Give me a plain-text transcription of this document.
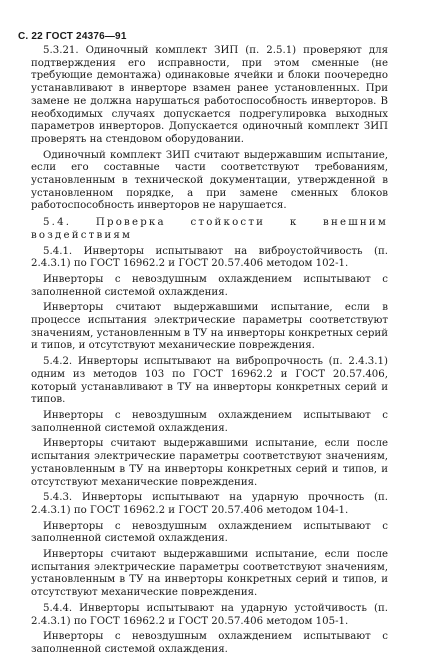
С. 22 ГОСТ 24376—91

5.3.21. Одиночный комплект ЗИП (п. 2.5.1) проверяют для подтверждения его исправности, при этом сменные (не требующие демонтажа) одинаковые ячейки и блоки поочередно устанавливают в инверторе взамен ранее установленных. При замене не должна нарушаться работоспособность инверторов. В необходимых случаях допускается подрегулировка выходных параметров инверторов. Допускается одиночный комплект ЗИП проверять на стендовом оборудовании.

Одиночный комплект ЗИП считают выдержавшим испытание, если его составные части соответствуют требованиям, установленным в технической документации, утвержденной в установленном порядке, а при замене сменных блоков работоспособность инверторов не нарушается.

5.4. Проверка стойкости к внешним воздействиям

5.4.1. Инверторы испытывают на виброустойчивость (п. 2.4.3.1) по ГОСТ 16962.2 и ГОСТ 20.57.406 методом 102-1.

Инверторы с невоздушным охлаждением испытывают с заполненной системой охлаждения.

Инверторы считают выдержавшими испытание, если в процессе испытания электрические параметры соответствуют значениям, установленным в ТУ на инверторы конкретных серий и типов, и отсутствуют механические повреждения.

5.4.2. Инверторы испытывают на вибропрочность (п. 2.4.3.1) одним из методов 103 по ГОСТ 16962.2 и ГОСТ 20.57.406, который устанавливают в ТУ на инверторы конкретных серий и типов.

Инверторы с невоздушным охлаждением испытывают с заполненной системой охлаждения.

Инверторы считают выдержавшими испытание, если после испытания электрические параметры соответствуют значениям, установленным в ТУ на инверторы конкретных серий и типов, и отсутствуют механические повреждения.

5.4.3. Инверторы испытывают на ударную прочность (п. 2.4.3.1) по ГОСТ 16962.2 и ГОСТ 20.57.406 методом 104-1.

Инверторы с невоздушным охлаждением испытывают с заполненной системой охлаждения.

Инверторы считают выдержавшими испытание, если после испытания электрические параметры соответствуют значениям, установленным в ТУ на инверторы конкретных серий и типов, и отсутствуют механические повреждения.

5.4.4. Инверторы испытывают на ударную устойчивость (п. 2.4.3.1) по ГОСТ 16962.2 и ГОСТ 20.57.406 методом 105-1.

Инверторы с невоздушным охлаждением испытывают с заполненной системой охлаждения.
